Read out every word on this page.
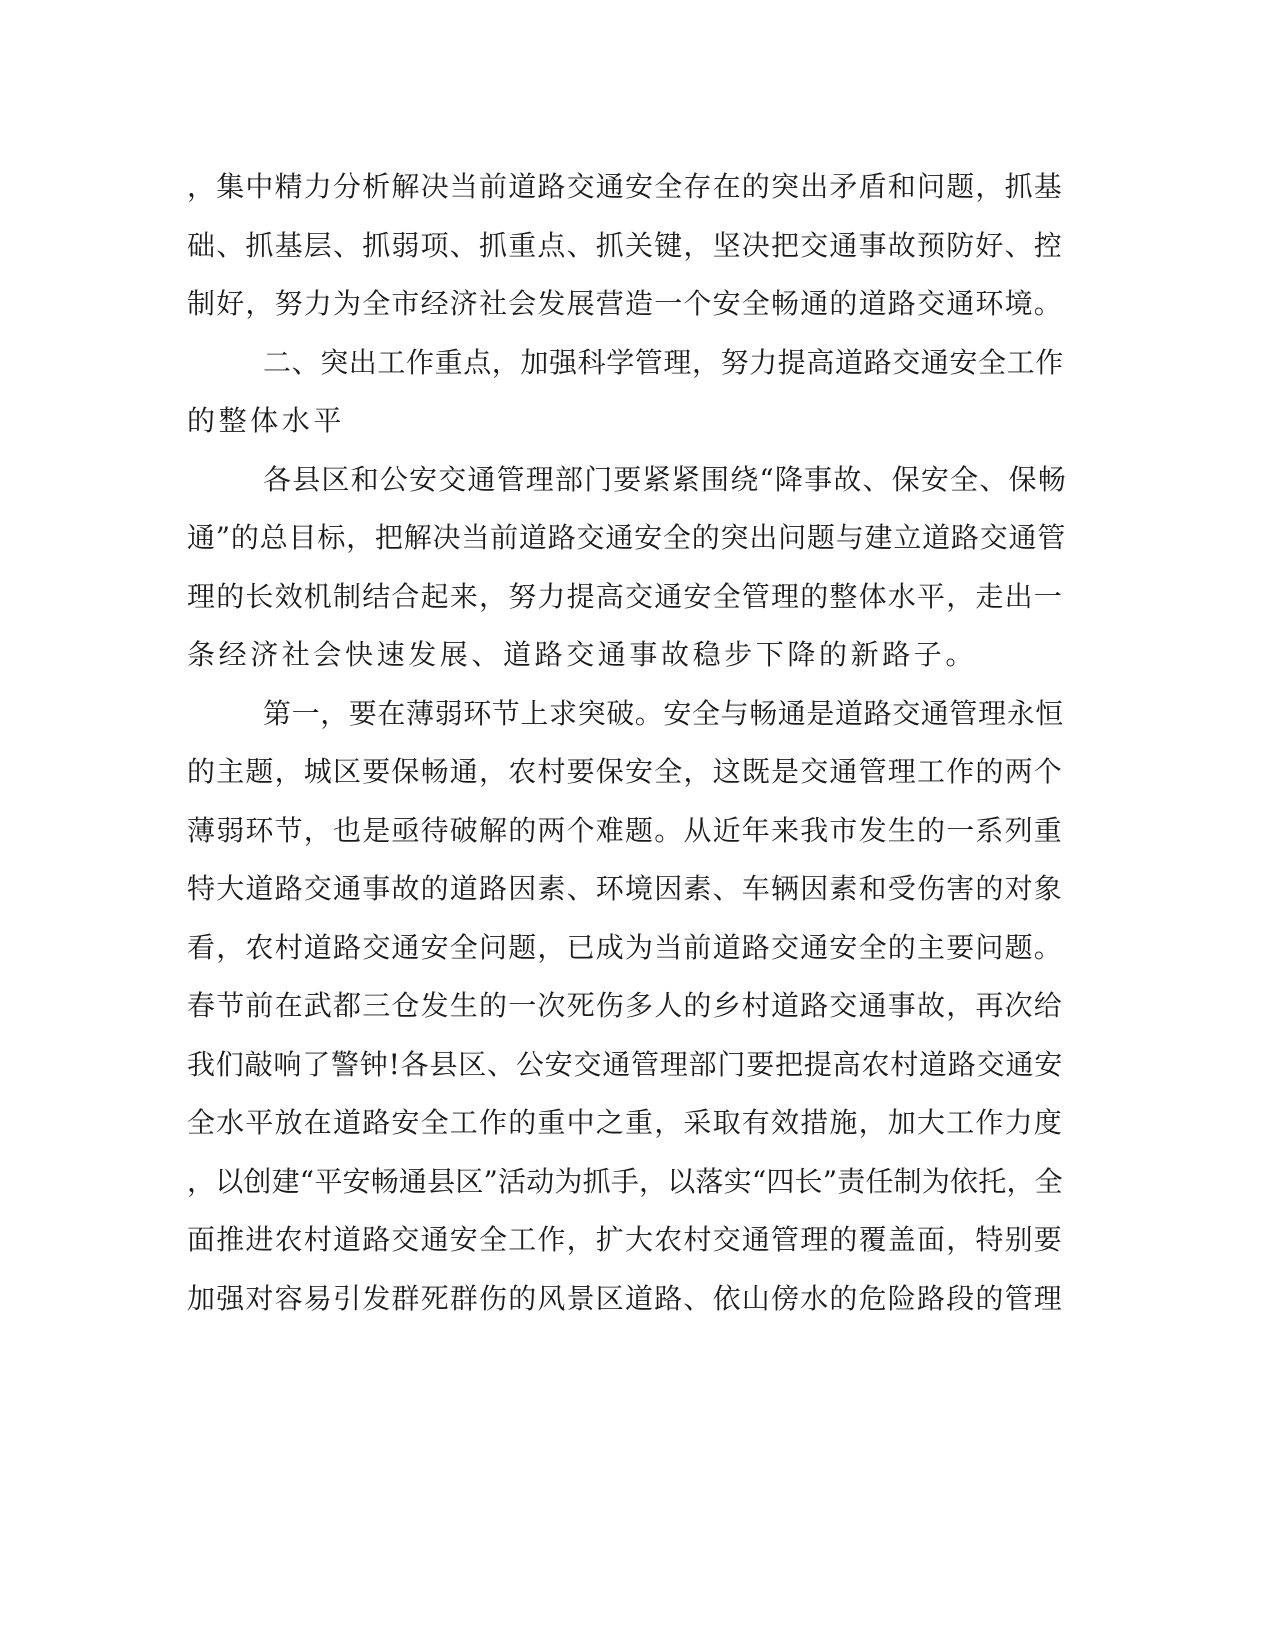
，集中精力分析解决当前道路交通安全存在的突出矛盾和问题，抓基
础、抓基层、抓弱项、抓重点、抓关键，坚决把交通事故预防好、控
制好，努力为全市经济社会发展营造一个安全畅通的道路交通环境。
二、突出工作重点，加强科学管理，努力提高道路交通安全工作
的整体水平
各县区和公安交通管理部门要紧紧围绕“降事故、保安全、保畅
通”的总目标，把解决当前道路交通安全的突出问题与建立道路交通管
理的长效机制结合起来，努力提高交通安全管理的整体水平，走出一
条经济社会快速发展、道路交通事故稳步下降的新路子。
第一，要在薄弱环节上求突破。安全与畅通是道路交通管理永恒
的主题，城区要保畅通，农村要保安全，这既是交通管理工作的两个
薄弱环节，也是亟待破解的两个难题。从近年来我市发生的一系列重
特大道路交通事故的道路因素、环境因素、车辆因素和受伤害的对象
看，农村道路交通安全问题，已成为当前道路交通安全的主要问题。
春节前在武都三仓发生的一次死伤多人的乡村道路交通事故，再次给
我们敲响了警钟!各县区、公安交通管理部门要把提高农村道路交通安
全水平放在道路安全工作的重中之重，采取有效措施，加大工作力度
，以创建“平安畅通县区”活动为抓手，以落实“四长”责任制为依托，全
面推进农村道路交通安全工作，扩大农村交通管理的覆盖面，特别要
加强对容易引发群死群伤的风景区道路、依山傍水的危险路段的管理
